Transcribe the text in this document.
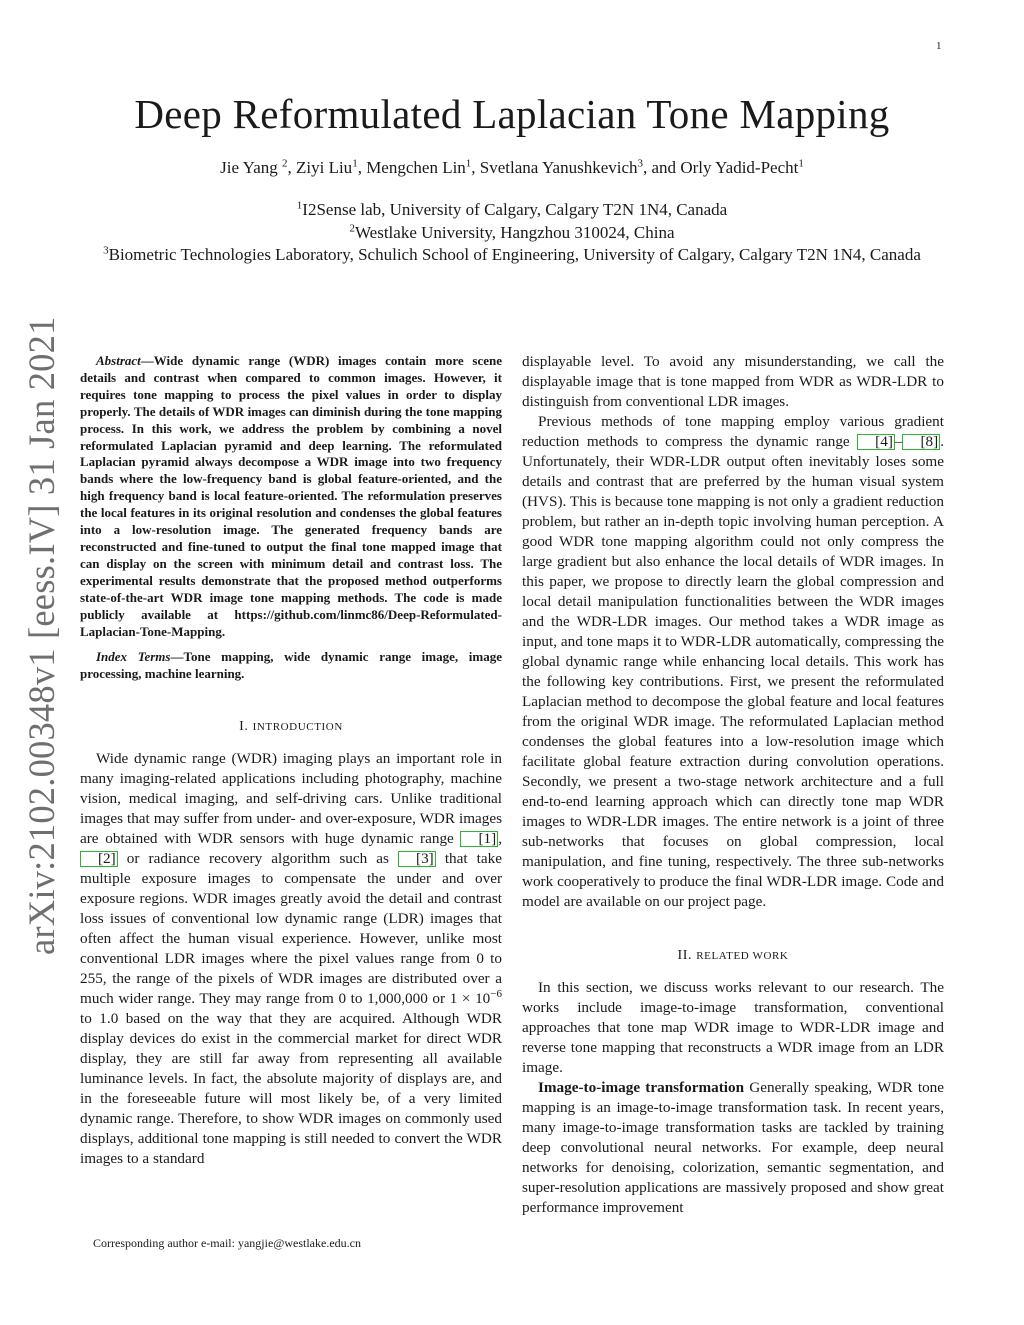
1
arXiv:2102.00348v1 [eess.IV] 31 Jan 2021
Deep Reformulated Laplacian Tone Mapping
Jie Yang $^2$, Ziyi Liu$^1$, Mengchen Lin$^1$, Svetlana Yanushkevich$^3$, and Orly Yadid-Pecht$^1$
$^1$I2Sense lab, University of Calgary, Calgary T2N 1N4, Canada
$^2$Westlake University, Hangzhou 310024, China
$^3$Biometric Technologies Laboratory, Schulich School of Engineering, University of Calgary, Calgary T2N 1N4, Canada

Abstract—Wide dynamic range (WDR) images contain more scene details and contrast when compared to common images. However, it requires tone mapping to process the pixel values in order to display properly. The details of WDR images can diminish during the tone mapping process. In this work, we address the problem by combining a novel reformulated Laplacian pyramid and deep learning. The reformulated Laplacian pyramid always decompose a WDR image into two frequency bands where the low-frequency band is global feature-oriented, and the high frequency band is local feature-oriented. The reformulation preserves the local features in its original resolution and condenses the global features into a low-resolution image. The generated frequency bands are reconstructed and fine-tuned to output the final tone mapped image that can display on the screen with minimum detail and contrast loss. The experimental results demonstrate that the proposed method outperforms state-of-the-art WDR image tone mapping methods. The code is made publicly available at https://github.com/linmc86/Deep-Reformulated-Laplacian-Tone-Mapping.

Index Terms—Tone mapping, wide dynamic range image, image processing, machine learning.

I. INTRODUCTION

Wide dynamic range (WDR) imaging plays an important role in many imaging-related applications including photography, machine vision, medical imaging, and self-driving cars. Unlike traditional images that may suffer from under- and over-exposure, WDR images are obtained with WDR sensors with huge dynamic range [1] , [2] or radiance recovery algorithm such as [3] that take multiple exposure images to compensate the under and over exposure regions. WDR images greatly avoid the detail and contrast loss issues of conventional low dynamic range (LDR) images that often affect the human visual experience. However, unlike most conventional LDR images where the pixel values range from 0 to 255, the range of the pixels of WDR images are distributed over a much wider range. They may range from 0 to 1,000,000 or $1 \times 10^{-6}$ to 1.0 based on the way that they are acquired. Although WDR display devices do exist in the commercial market for direct WDR display, they are still far away from representing all available luminance levels. In fact, the absolute majority of displays are, and in the foreseeable future will most likely be, of a very limited dynamic range. Therefore, to show WDR images on commonly used displays, additional tone mapping is still needed to convert the WDR images to a standard

displayable level. To avoid any misunderstanding, we call the displayable image that is tone mapped from WDR as WDR-LDR to distinguish from conventional LDR images.

Previous methods of tone mapping employ various gradient reduction methods to compress the dynamic range [4] – [8] . Unfortunately, their WDR-LDR output often inevitably loses some details and contrast that are preferred by the human visual system (HVS). This is because tone mapping is not only a gradient reduction problem, but rather an in-depth topic involving human perception. A good WDR tone mapping algorithm could not only compress the large gradient but also enhance the local details of WDR images. In this paper, we propose to directly learn the global compression and local detail manipulation functionalities between the WDR images and the WDR-LDR images. Our method takes a WDR image as input, and tone maps it to WDR-LDR automatically, compressing the global dynamic range while enhancing local details. This work has the following key contributions. First, we present the reformulated Laplacian method to decompose the global feature and local features from the original WDR image. The reformulated Laplacian method condenses the global features into a low-resolution image which facilitate global feature extraction during convolution operations. Secondly, we present a two-stage network architecture and a full end-to-end learning approach which can directly tone map WDR images to WDR-LDR images. The entire network is a joint of three sub-networks that focuses on global compression, local manipulation, and fine tuning, respectively. The three sub-networks work cooperatively to produce the final WDR-LDR image. Code and model are available on our project page.

II. RELATED WORK

In this section, we discuss works relevant to our research. The works include image-to-image transformation, conventional approaches that tone map WDR image to WDR-LDR image and reverse tone mapping that reconstructs a WDR image from an LDR image.

Image-to-image transformation Generally speaking, WDR tone mapping is an image-to-image transformation task. In recent years, many image-to-image transformation tasks are tackled by training deep convolutional neural networks. For example, deep neural networks for denoising, colorization, semantic segmentation, and super-resolution applications are massively proposed and show great performance improvement

Corresponding author e-mail: yangjie@westlake.edu.cn
